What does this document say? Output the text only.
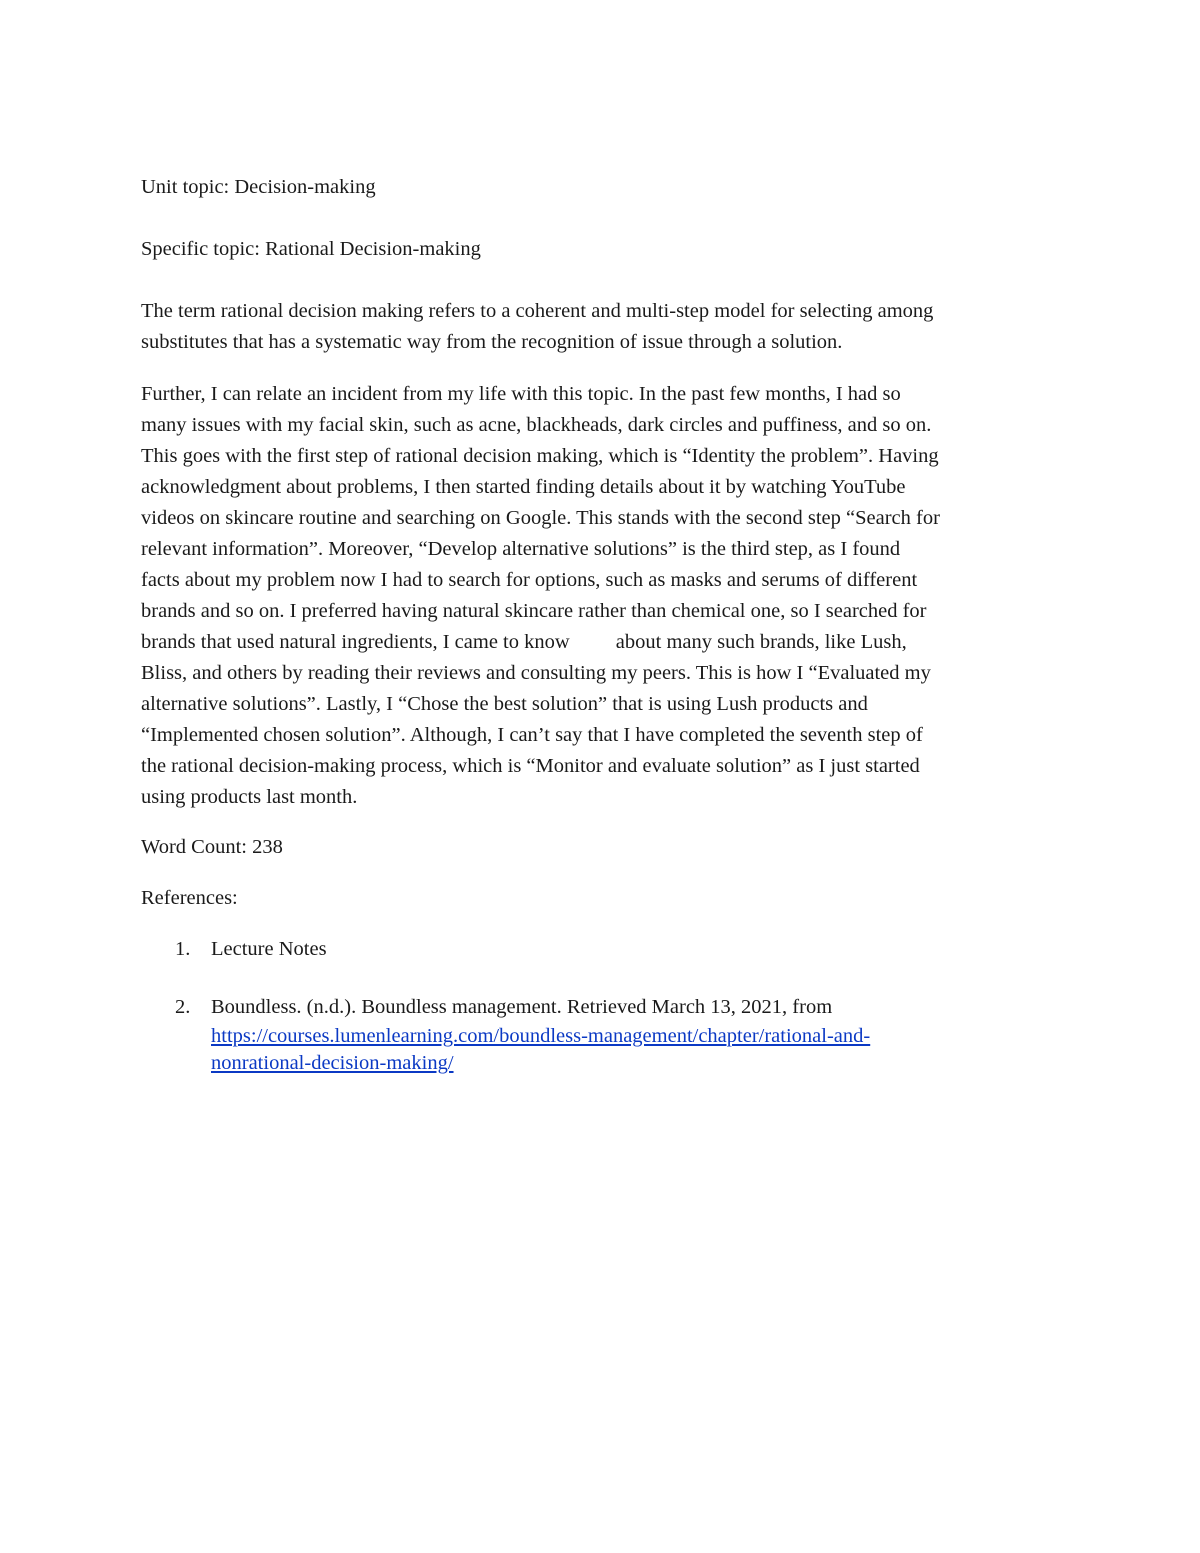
Unit topic: Decision-making
Specific topic: Rational Decision-making
The term rational decision making refers to a coherent and multi-step model for selecting among
substitutes that has a systematic way from the recognition of issue through a solution.
Further, I can relate an incident from my life with this topic. In the past few months, I had so
many issues with my facial skin, such as acne, blackheads, dark circles and puffiness, and so on.
This goes with the first step of rational decision making, which is “Identity the problem”. Having
acknowledgment about problems, I then started finding details about it by watching YouTube
videos on skincare routine and searching on Google. This stands with the second step “Search for
relevant information”. Moreover, “Develop alternative solutions” is the third step, as I found
facts about my problem now I had to search for options, such as masks and serums of different
brands and so on. I preferred having natural skincare rather than chemical one, so I searched for
brands that used natural ingredients, I came to know         about many such brands, like Lush,
Bliss, and others by reading their reviews and consulting my peers. This is how I “Evaluated my
alternative solutions”. Lastly, I “Chose the best solution” that is using Lush products and
“Implemented chosen solution”. Although, I can’t say that I have completed the seventh step of
the rational decision-making process, which is “Monitor and evaluate solution” as I just started
using products last month.
Word Count: 238
References:
1.	Lecture Notes
2.	Boundless. (n.d.). Boundless management. Retrieved March 13, 2021, from
https://courses.lumenlearning.com/boundless-management/chapter/rational-and-
nonrational-decision-making/
